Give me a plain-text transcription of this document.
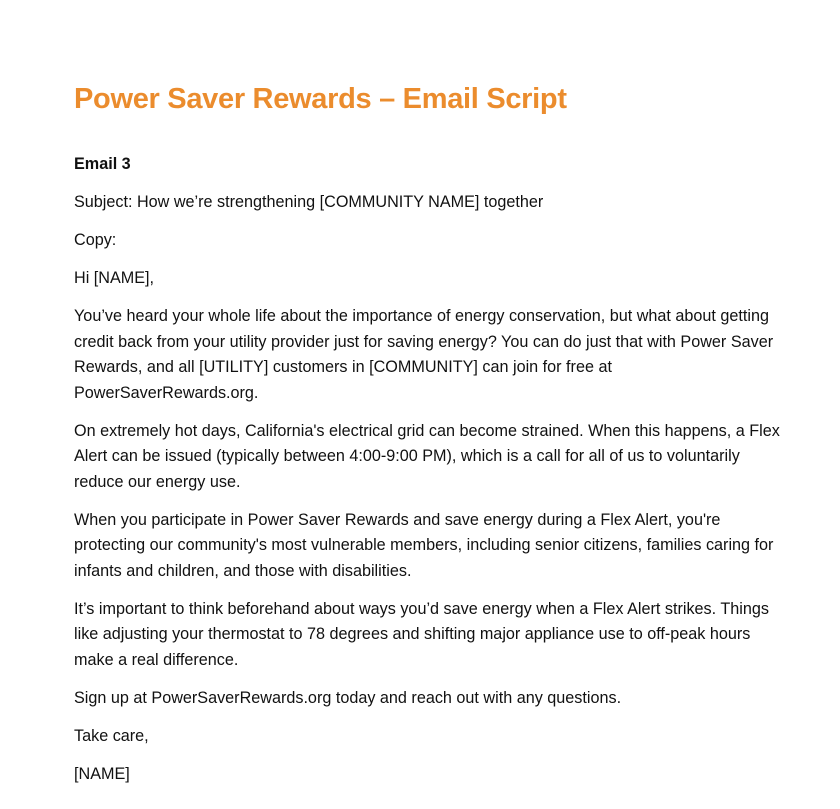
Power Saver Rewards – Email Script

Email 3

Subject: How we’re strengthening [COMMUNITY NAME] together

Copy:

Hi [NAME],

You’ve heard your whole life about the importance of energy conservation, but what about getting credit back from your utility provider just for saving energy? You can do just that with Power Saver Rewards, and all [UTILITY] customers in [COMMUNITY] can join for free at PowerSaverRewards.org.

On extremely hot days, California's electrical grid can become strained. When this happens, a Flex Alert can be issued (typically between 4:00-9:00 PM), which is a call for all of us to voluntarily reduce our energy use.

When you participate in Power Saver Rewards and save energy during a Flex Alert, you're protecting our community's most vulnerable members, including senior citizens, families caring for infants and children, and those with disabilities.

It’s important to think beforehand about ways you’d save energy when a Flex Alert strikes. Things like adjusting your thermostat to 78 degrees and shifting major appliance use to off-peak hours make a real difference.

Sign up at PowerSaverRewards.org today and reach out with any questions.

Take care,

[NAME]
